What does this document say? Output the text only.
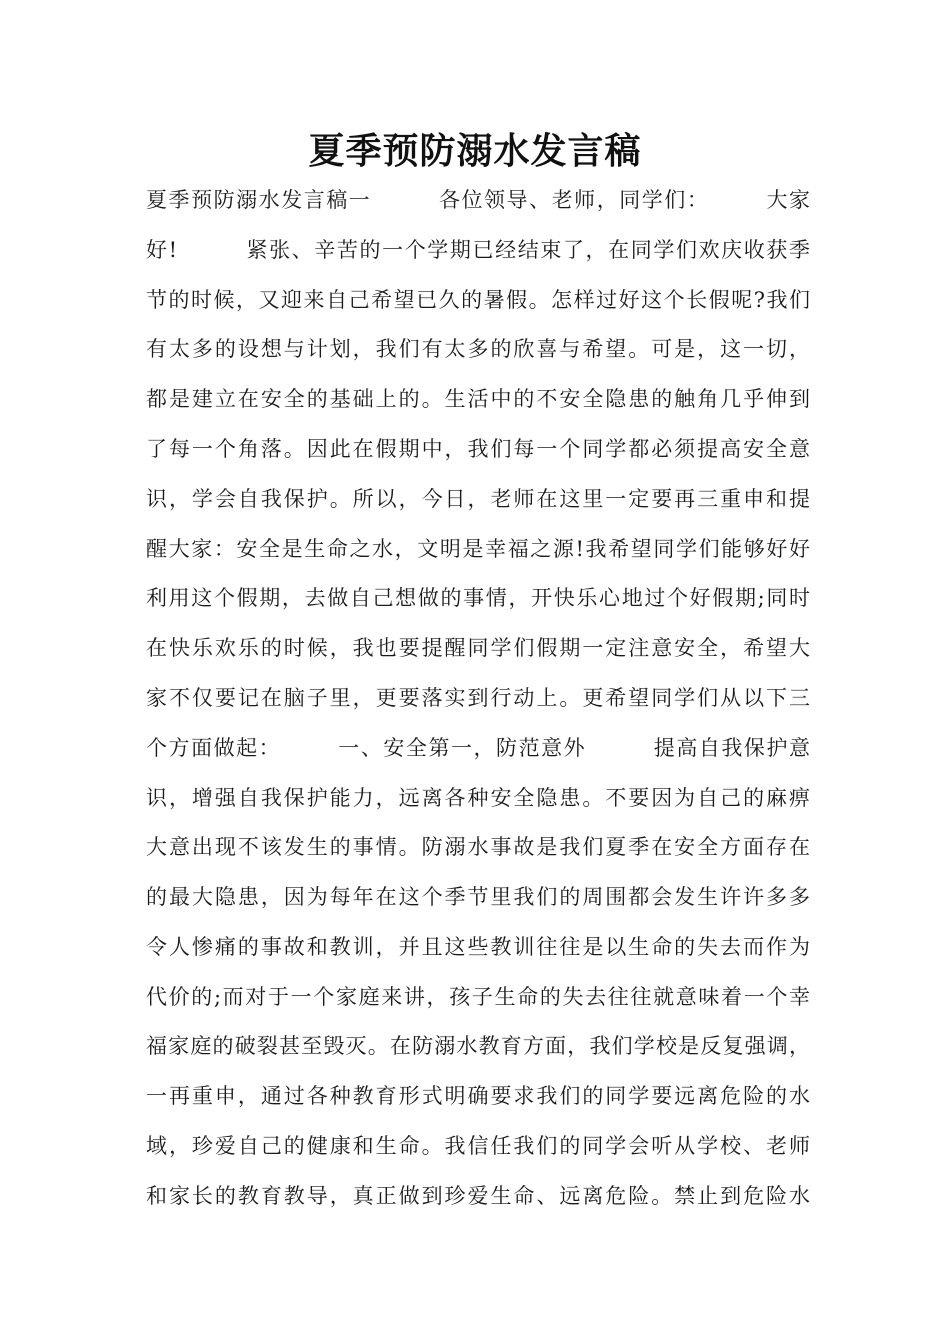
夏季预防溺水发言稿
夏季预防溺水发言稿一　　　各位领导、老师，同学们：　　　大家
好!　　　紧张、辛苦的一个学期已经结束了，在同学们欢庆收获季
节的时候，又迎来自己希望已久的暑假。怎样过好这个长假呢?我们
有太多的设想与计划，我们有太多的欣喜与希望。可是，这一切，
都是建立在安全的基础上的。生活中的不安全隐患的触角几乎伸到
了每一个角落。因此在假期中，我们每一个同学都必须提高安全意
识，学会自我保护。所以，今日，老师在这里一定要再三重申和提
醒大家：安全是生命之水，文明是幸福之源!我希望同学们能够好好
利用这个假期，去做自己想做的事情，开快乐心地过个好假期;同时
在快乐欢乐的时候，我也要提醒同学们假期一定注意安全，希望大
家不仅要记在脑子里，更要落实到行动上。更希望同学们从以下三
个方面做起：　　　一、安全第一，防范意外　　　提高自我保护意
识，增强自我保护能力，远离各种安全隐患。不要因为自己的麻痹
大意出现不该发生的事情。防溺水事故是我们夏季在安全方面存在
的最大隐患，因为每年在这个季节里我们的周围都会发生许许多多
令人惨痛的事故和教训，并且这些教训往往是以生命的失去而作为
代价的;而对于一个家庭来讲，孩子生命的失去往往就意味着一个幸
福家庭的破裂甚至毁灭。在防溺水教育方面，我们学校是反复强调，
一再重申，通过各种教育形式明确要求我们的同学要远离危险的水
域，珍爱自己的健康和生命。我信任我们的同学会听从学校、老师
和家长的教育教导，真正做到珍爱生命、远离危险。禁止到危险水
